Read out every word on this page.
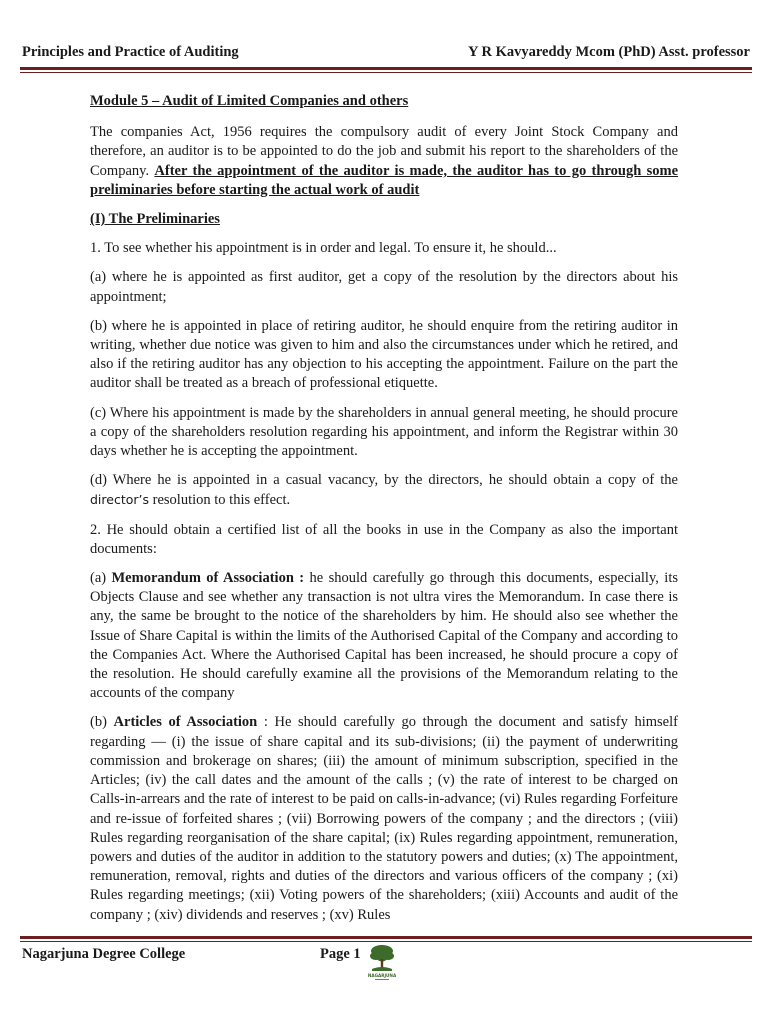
Principles and Practice of Auditing	Y R Kavyareddy Mcom (PhD) Asst. professor

Module 5 – Audit of Limited Companies and others

The companies Act, 1956 requires the compulsory audit of every Joint Stock Company and therefore, an auditor is to be appointed to do the job and submit his report to the shareholders of the Company. After the appointment of the auditor is made, the auditor has to go through some preliminaries before starting the actual work of audit

(I) The Preliminaries

1. To see whether his appointment is in order and legal. To ensure it, he should...

(a) where he is appointed as first auditor, get a copy of the resolution by the directors about his appointment;

(b) where he is appointed in place of retiring auditor, he should enquire from the retiring auditor in writing, whether due notice was given to him and also the circumstances under which he retired, and also if the retiring auditor has any objection to his accepting the appointment. Failure on the part the auditor shall be treated as a breach of professional etiquette.

(c) Where his appointment is made by the shareholders in annual general meeting, he should procure a copy of the shareholders resolution regarding his appointment, and inform the Registrar within 30 days whether he is accepting the appointment.

(d) Where he is appointed in a casual vacancy, by the directors, he should obtain a copy of the director’s resolution to this effect.

2. He should obtain a certified list of all the books in use in the Company as also the important documents:

(a) Memorandum of Association : he should carefully go through this documents, especially, its Objects Clause and see whether any transaction is not ultra vires the Memorandum. In case there is any, the same be brought to the notice of the shareholders by him. He should also see whether the Issue of Share Capital is within the limits of the Authorised Capital of the Company and according to the Companies Act. Where the Authorised Capital has been increased, he should procure a copy of the resolution. He should carefully examine all the provisions of the Memorandum relating to the accounts of the company

(b) Articles of Association : He should carefully go through the document and satisfy himself regarding — (i) the issue of share capital and its sub-divisions; (ii) the payment of underwriting commission and brokerage on shares; (iii) the amount of minimum subscription, specified in the Articles; (iv) the call dates and the amount of the calls ; (v) the rate of interest to be charged on Calls-in-arrears and the rate of interest to be paid on calls-in-advance; (vi) Rules regarding Forfeiture and re-issue of forfeited shares ; (vii) Borrowing powers of the company ; and the directors ; (viii) Rules regarding reorganisation of the share capital; (ix) Rules regarding appointment, remuneration, powers and duties of the auditor in addition to the statutory powers and duties; (x) The appointment, remuneration, removal, rights and duties of the directors and various officers of the company ; (xi) Rules regarding meetings; (xii) Voting powers of the shareholders; (xiii) Accounts and audit of the company ; (xiv) dividends and reserves ; (xv) Rules

Nagarjuna Degree College	Page 1
NAGARJUNA
